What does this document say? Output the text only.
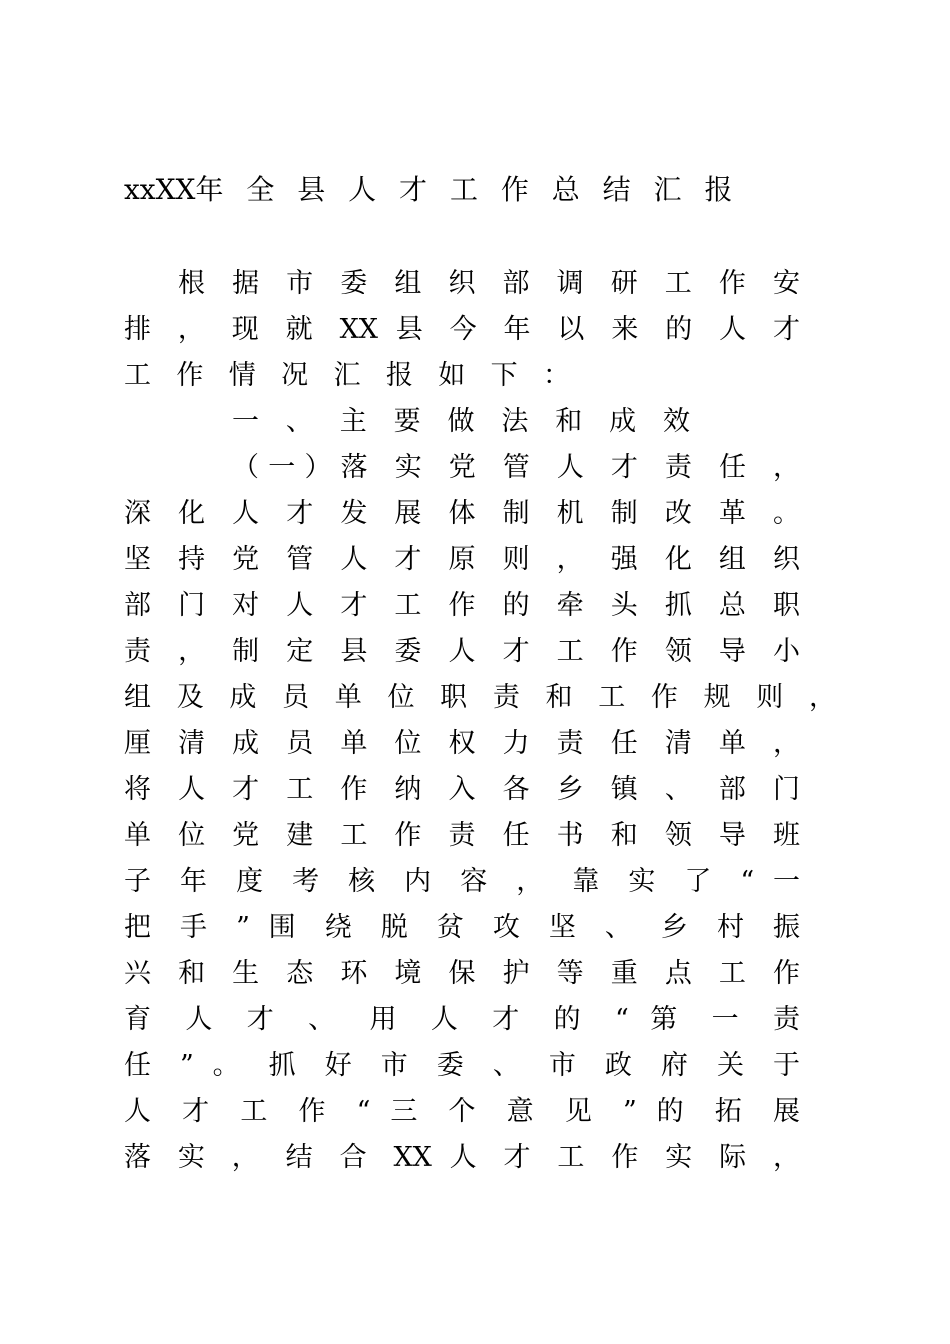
xxXX年 全 县 人 才 工 作 总 结 汇 报
根 据 市 委 组 织 部 调 研 工 作 安
排 ， 现 就 XX 县 今 年 以 来 的 人 才
工 作 情 况 汇 报 如 下 ：
一 、 主 要 做 法 和 成 效
（一）落 实 党 管 人 才 责 任 ，
深 化 人 才 发 展 体 制 机 制 改 革 。
坚 持 党 管 人 才 原 则 ， 强 化 组 织
部 门 对 人 才 工 作 的 牵 头 抓 总 职
责 ， 制 定 县 委 人 才 工 作 领 导 小
组 及 成 员 单 位 职 责 和 工 作 规 则 ，
厘 清 成 员 单 位 权 力 责 任 清 单 ，
将 人 才 工 作 纳 入 各 乡 镇 、 部 门
单 位 党 建 工 作 责 任 书 和 领 导 班
子 年 度 考 核 内 容 ， 靠 实 了 “ 一
把 手 ” 围 绕 脱 贫 攻 坚 、 乡 村 振
兴 和 生 态 环 境 保 护 等 重 点 工 作
育 人 才 、 用 人 才 的 “ 第 一 责
任 ” 。 抓 好 市 委 、 市 政 府 关 于
人 才 工 作 “ 三 个 意 见 ” 的 拓 展
落 实 ， 结 合 XX 人 才 工 作 实 际 ，
